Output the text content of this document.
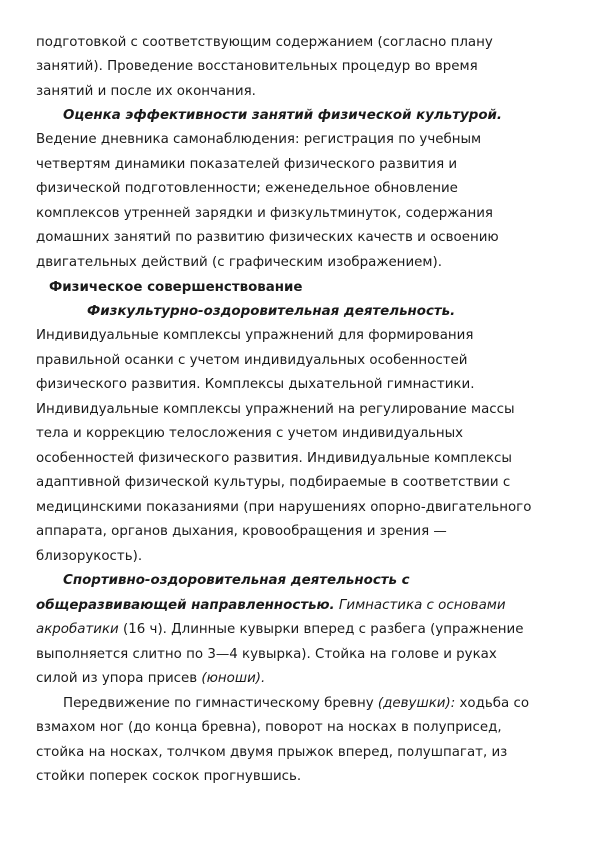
подготовкой с соответствующим содержанием (согласно плану
занятий). Проведение восстановительных процедур во время
занятий и после их окончания.
Оценка эффективности занятий физической культурой.
Ведение дневника самонаблюдения: регистрация по учебным
четвертям динамики показателей физического развития и
физической подготовленности; еженедельное обновление
комплексов утренней зарядки и физкультминуток, содержания
домашних занятий по развитию физических качеств и освоению
двигательных действий (с графическим изображением).
Физическое совершенствование
Физкультурно-оздоровительная деятельность.
Индивидуальные комплексы упражнений для формирования
правильной осанки с учетом индивидуальных особенностей
физического развития. Комплексы дыхательной гимнастики.
Индивидуальные комплексы упражнений на регулирование массы
тела и коррекцию телосложения с учетом индивидуальных
особенностей физического развития. Индивидуальные комплексы
адаптивной физической культуры, подбираемые в соответствии с
медицинскими показаниями (при нарушениях опорно-двигательного
аппарата, органов дыхания, кровообращения и зрения —
близорукость).
Спортивно-оздоровительная деятельность с
общеразвивающей направленностью. Гимнастика с основами
акробатики (16 ч). Длинные кувырки вперед с разбега (упражнение
выполняется слитно по 3—4 кувырка). Стойка на голове и руках
силой из упора присев (юноши).
Передвижение по гимнастическому бревну (девушки): ходьба со
взмахом ног (до конца бревна), поворот на носках в полуприсед,
стойка на носках, толчком двумя прыжок вперед, полушпагат, из
стойки поперек соскок прогнувшись.
